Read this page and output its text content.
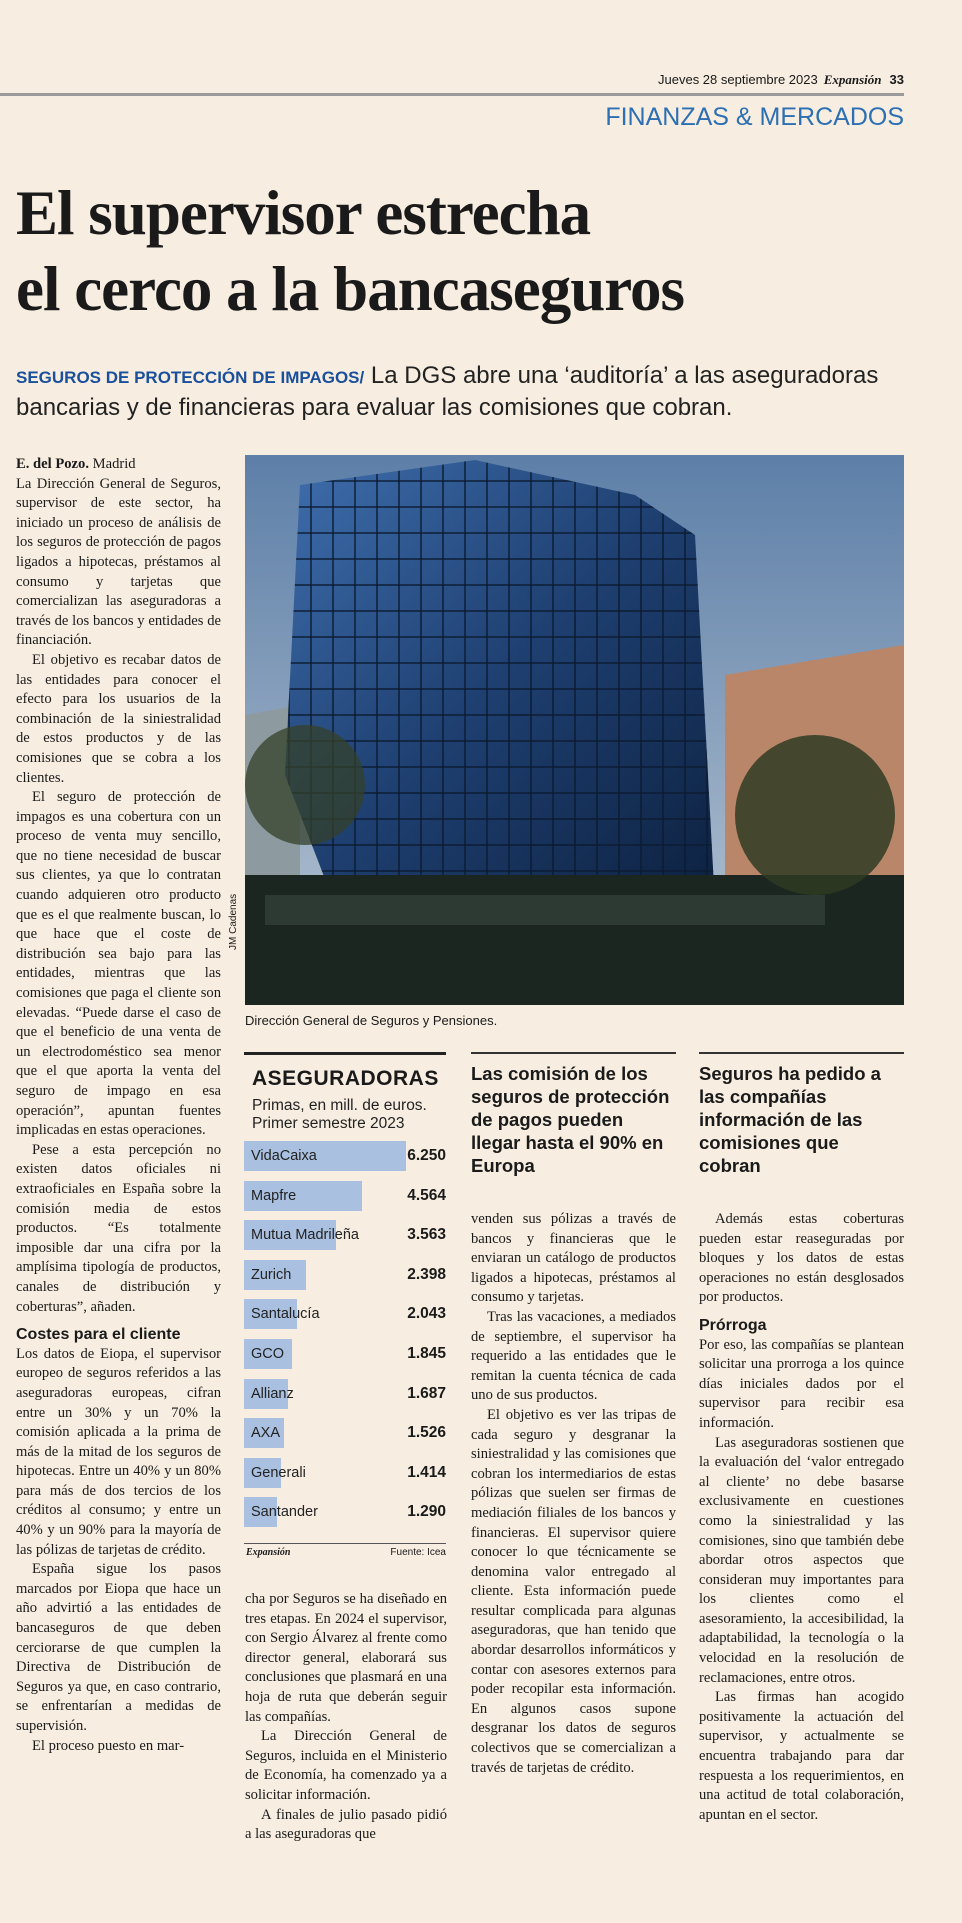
Jueves 28 septiembre 2023 Expansión 33
FINANZAS & MERCADOS
El supervisor estrecha
el cerco a la bancaseguros

SEGUROS DE PROTECCIÓN DE IMPAGOS/ La DGS abre una ‘auditoría’ a las aseguradoras bancarias y de financieras para evaluar las comisiones que cobran.

E. del Pozo. Madrid

La Dirección General de Seguros, supervisor de este sector, ha iniciado un proceso de análisis de los seguros de protección de pagos ligados a hipotecas, préstamos al consumo y tarjetas que comercializan las aseguradoras a través de los bancos y entidades de financiación.

El objetivo es recabar datos de las entidades para conocer el efecto para los usuarios de la combinación de la siniestralidad de estos productos y de las comisiones que se cobra a los clientes.

El seguro de protección de impagos es una cobertura con un proceso de venta muy sencillo, que no tiene necesidad de buscar sus clientes, ya que lo contratan cuando adquieren otro producto que es el que realmente buscan, lo que hace que el coste de distribución sea bajo para las entidades, mientras que las comisiones que paga el cliente son elevadas. “Puede darse el caso de que el beneficio de una venta de un electrodoméstico sea menor que el que aporta la venta del seguro de impago en esa operación”, apuntan fuentes implicadas en estas operaciones.

Pese a esta percepción no existen datos oficiales ni extraoficiales en España sobre la comisión media de estos productos. “Es totalmente imposible dar una cifra por la amplísima tipología de productos, canales de distribución y coberturas”, añaden.

Costes para el cliente

Los datos de Eiopa, el supervisor europeo de seguros referidos a las aseguradoras europeas, cifran entre un 30% y un 70% la comisión aplicada a la prima de más de la mitad de los seguros de hipotecas. Entre un 40% y un 80% para más de dos tercios de los créditos al consumo; y entre un 40% y un 90% para la mayoría de las pólizas de tarjetas de crédito.

España sigue los pasos marcados por Eiopa que hace un año advirtió a las entidades de bancaseguros de que deben cerciorarse de que cumplen la Directiva de Distribución de Seguros ya que, en caso contrario, se enfrentarían a medidas de supervisión.

El proceso puesto en mar-

JM Cadenas
Dirección General de Seguros y Pensiones.
ASEGURADORAS
Primas, en mill. de euros. Primer semestre 2023
VidaCaixa	6.250
Mapfre	4.564
Mutua Madrileña	3.563
Zurich	2.398
Santalucía	2.043
GCO	1.845
Allianz	1.687
AXA	1.526
Generali	1.414
Santander	1.290
Expansión	Fuente: Icea

cha por Seguros se ha diseñado en tres etapas. En 2024 el supervisor, con Sergio Álvarez al frente como director general, elaborará sus conclusiones que plasmará en una hoja de ruta que deberán seguir las compañías.

La Dirección General de Seguros, incluida en el Ministerio de Economía, ha comenzado ya a solicitar información.

A finales de julio pasado pidió a las aseguradoras que

Las comisión de los seguros de protección de pagos pueden llegar hasta el 90% en Europa

venden sus pólizas a través de bancos y financieras que le enviaran un catálogo de productos ligados a hipotecas, préstamos al consumo y tarjetas.

Tras las vacaciones, a mediados de septiembre, el supervisor ha requerido a las entidades que le remitan la cuenta técnica de cada uno de sus productos.

El objetivo es ver las tripas de cada seguro y desgranar la siniestralidad y las comisiones que cobran los intermediarios de estas pólizas que suelen ser firmas de mediación filiales de los bancos y financieras. El supervisor quiere conocer lo que técnicamente se denomina valor entregado al cliente. Esta información puede resultar complicada para algunas aseguradoras, que han tenido que abordar desarrollos informáticos y contar con asesores externos para poder recopilar esta información. En algunos casos supone desgranar los datos de seguros colectivos que se comercializan a través de tarjetas de crédito.

Seguros ha pedido a las compañías información de las comisiones que cobran

Además estas coberturas pueden estar reaseguradas por bloques y los datos de estas operaciones no están desglosados por productos.

Prórroga

Por eso, las compañías se plantean solicitar una prorroga a los quince días iniciales dados por el supervisor para recibir esa información.

Las aseguradoras sostienen que la evaluación del ‘valor entregado al cliente’ no debe basarse exclusivamente en cuestiones como la siniestralidad y las comisiones, sino que también debe abordar otros aspectos que consideran muy importantes para los clientes como el asesoramiento, la accesibilidad, la adaptabilidad, la tecnología o la velocidad en la resolución de reclamaciones, entre otros.

Las firmas han acogido positivamente la actuación del supervisor, y actualmente se encuentra trabajando para dar respuesta a los requerimientos, en una actitud de total colaboración, apuntan en el sector.
